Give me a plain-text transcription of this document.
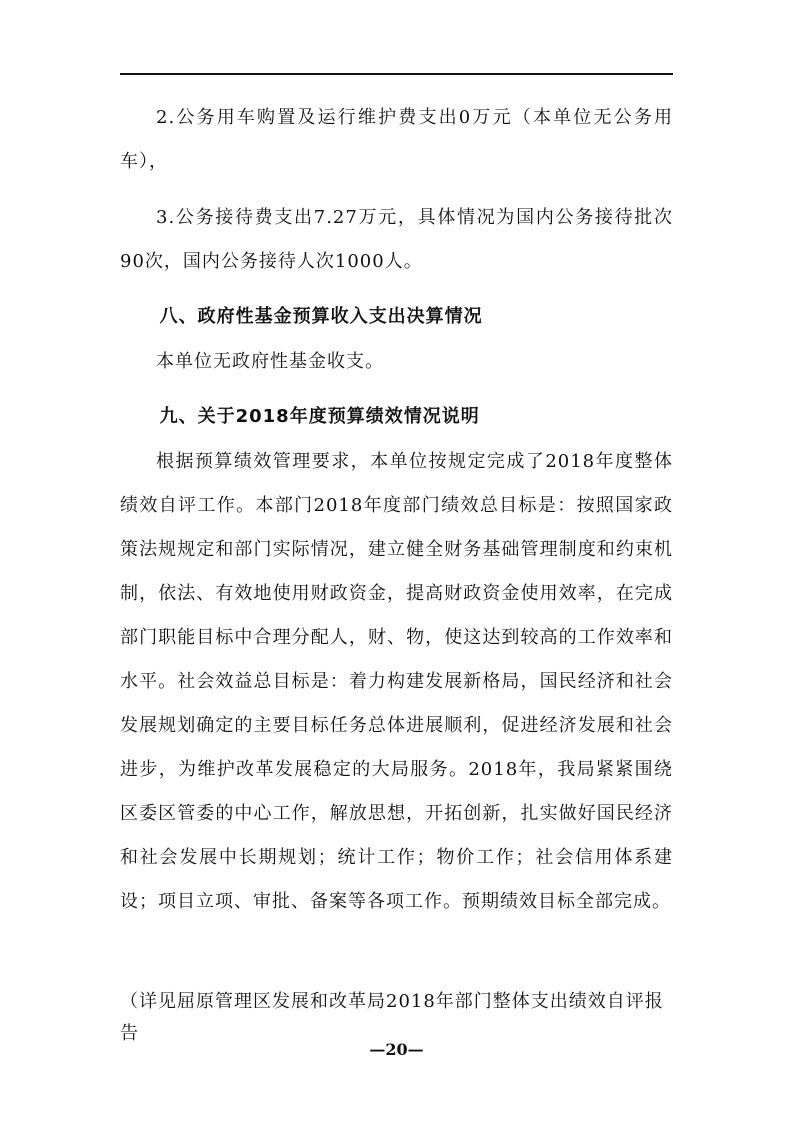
2.公务用车购置及运行维护费支出0万元（本单位无公务用车），

3.公务接待费支出7.27万元，具体情况为国内公务接待批次90次，国内公务接待人次1000人。

八、政府性基金预算收入支出决算情况

本单位无政府性基金收支。

九、关于2018年度预算绩效情况说明

根据预算绩效管理要求，本单位按规定完成了2018年度整体绩效自评工作。本部门2018年度部门绩效总目标是：按照国家政策法规规定和部门实际情况，建立健全财务基础管理制度和约束机制，依法、有效地使用财政资金，提高财政资金使用效率，在完成部门职能目标中合理分配人，财、物，使这达到较高的工作效率和水平。社会效益总目标是：着力构建发展新格局，国民经济和社会发展规划确定的主要目标任务总体进展顺利，促进经济发展和社会进步，为维护改革发展稳定的大局服务。2018年，我局紧紧围绕区委区管委的中心工作，解放思想，开拓创新，扎实做好国民经济和社会发展中长期规划；统计工作；物价工作；社会信用体系建设；项目立项、审批、备案等各项工作。预期绩效目标全部完成。

（详见屈原管理区发展和改革局2018年部门整体支出绩效自评报告
—20—
